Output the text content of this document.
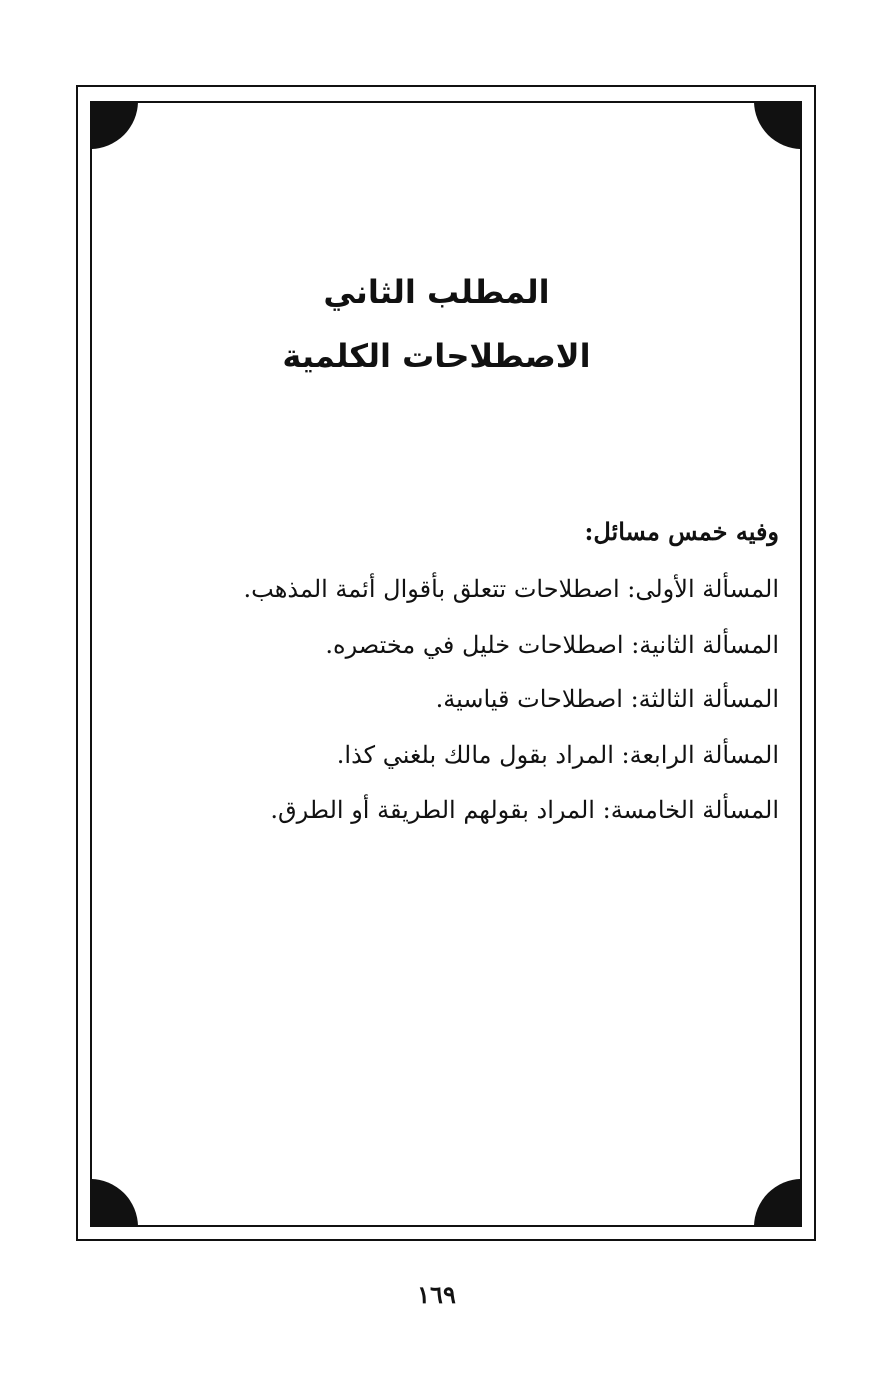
المطلب الثاني
الاصطلاحات الكلمية

وفيه خمس مسائل:

المسألة الأولى: اصطلاحات تتعلق بأقوال أئمة المذهب.

المسألة الثانية: اصطلاحات خليل في مختصره.

المسألة الثالثة: اصطلاحات قياسية.

المسألة الرابعة: المراد بقول مالك بلغني كذا.

المسألة الخامسة: المراد بقولهم الطريقة أو الطرق.

١٦٩
